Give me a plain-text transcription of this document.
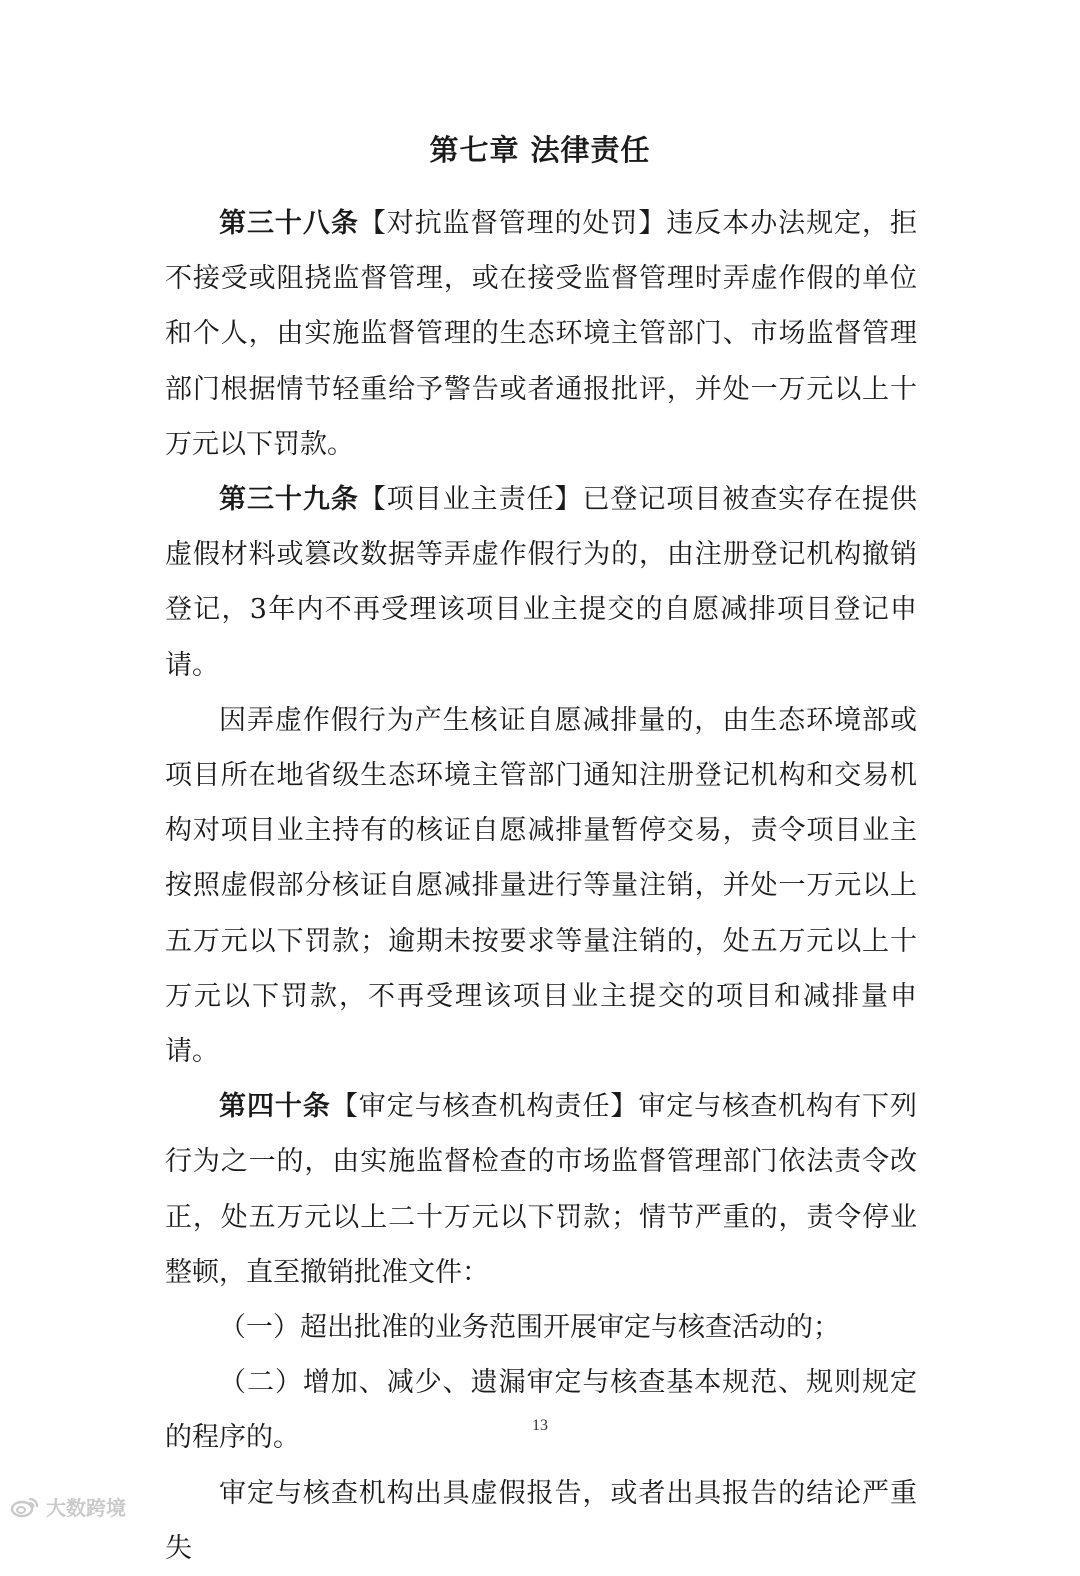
第七章 法律责任

第三十八条【对抗监督管理的处罚】违反本办法规定，拒不接受或阻挠监督管理，或在接受监督管理时弄虚作假的单位和个人，由实施监督管理的生态环境主管部门、市场监督管理部门根据情节轻重给予警告或者通报批评，并处一万元以上十万元以下罚款。

第三十九条【项目业主责任】已登记项目被查实存在提供虚假材料或篡改数据等弄虚作假行为的，由注册登记机构撤销登记，3年内不再受理该项目业主提交的自愿减排项目登记申请。

因弄虚作假行为产生核证自愿减排量的，由生态环境部或项目所在地省级生态环境主管部门通知注册登记机构和交易机构对项目业主持有的核证自愿减排量暂停交易，责令项目业主按照虚假部分核证自愿减排量进行等量注销，并处一万元以上五万元以下罚款；逾期未按要求等量注销的，处五万元以上十万元以下罚款，不再受理该项目业主提交的项目和减排量申请。

第四十条【审定与核查机构责任】审定与核查机构有下列行为之一的，由实施监督检查的市场监督管理部门依法责令改正，处五万元以上二十万元以下罚款；情节严重的，责令停业整顿，直至撤销批准文件：

（一）超出批准的业务范围开展审定与核查活动的；

（二）增加、减少、遗漏审定与核查基本规范、规则规定的程序的。

审定与核查机构出具虚假报告，或者出具报告的结论严重失

13
大数跨境
